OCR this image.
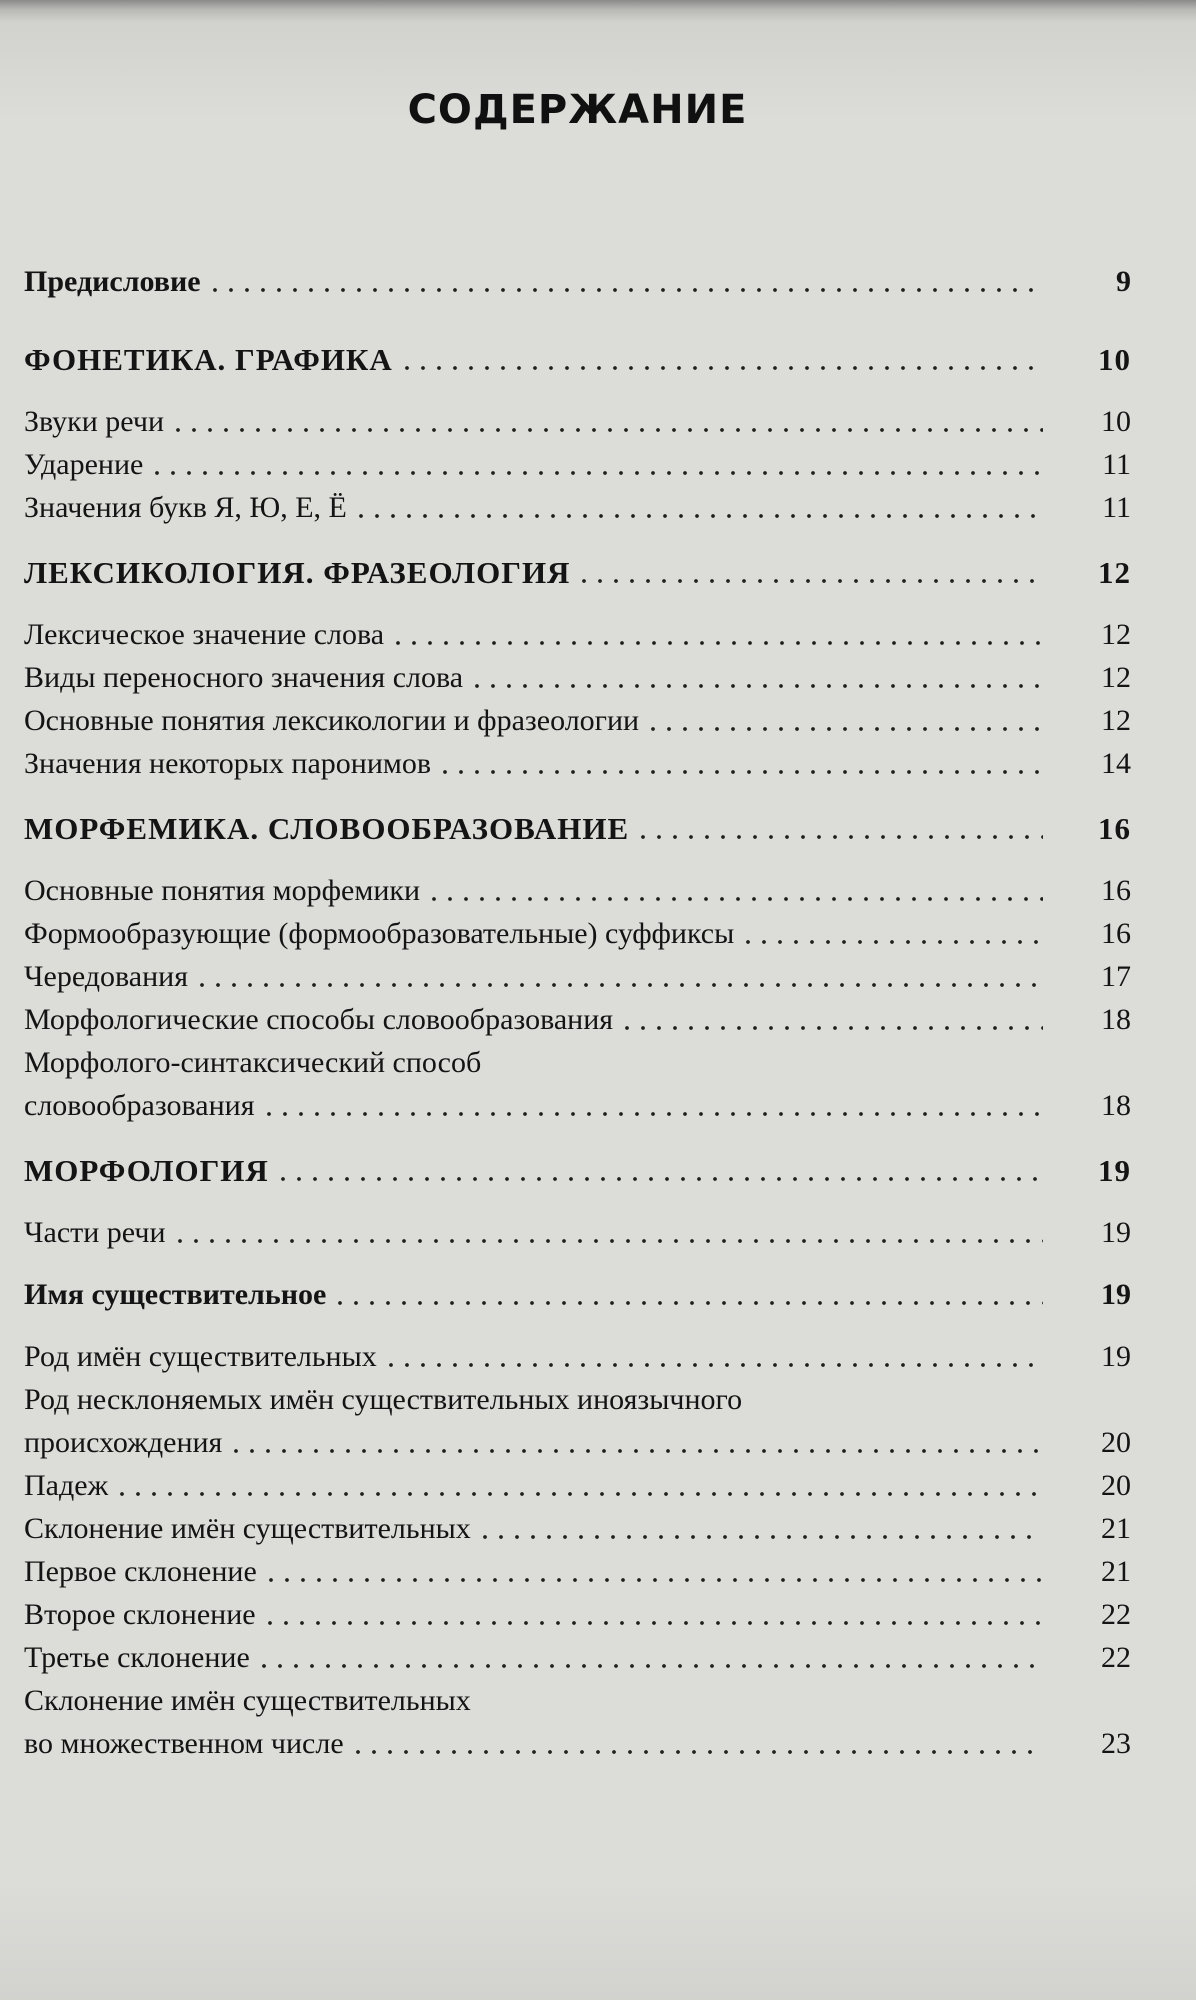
СОДЕРЖАНИЕ
Предисловие	9
ФОНЕТИКА. ГРАФИКА	10
Звуки речи	10
Ударение	11
Значения букв Я, Ю, Е, Ё	11
ЛЕКСИКОЛОГИЯ. ФРАЗЕОЛОГИЯ	12
Лексическое значение слова	12
Виды переносного значения слова	12
Основные понятия лексикологии и фразеологии	12
Значения некоторых паронимов	14
МОРФЕМИКА. СЛОВООБРАЗОВАНИЕ	16
Основные понятия морфемики	16
Формообразующие (формообразовательные) суффиксы	16
Чередования	17
Морфологические способы словообразования	18
Морфолого-синтаксический способ
словообразования	18
МОРФОЛОГИЯ	19
Части речи	19
Имя существительное	19
Род имён существительных	19
Род несклоняемых имён существительных иноязычного
происхождения	20
Падеж	20
Склонение имён существительных	21
Первое склонение	21
Второе склонение	22
Третье склонение	22
Склонение имён существительных
во множественном числе	23
